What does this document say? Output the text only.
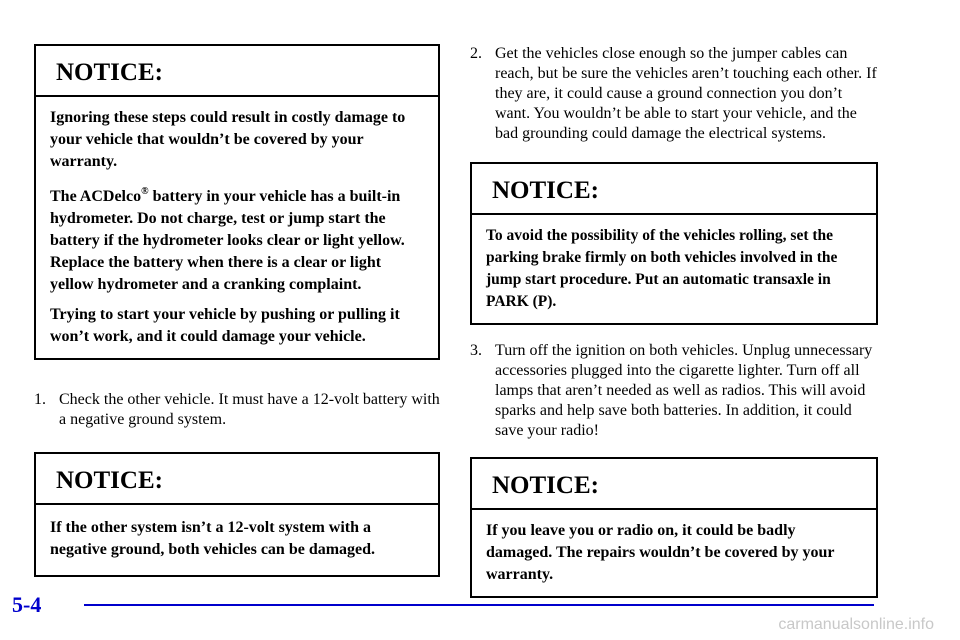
NOTICE:

Ignoring these steps could result in costly damage to your vehicle that wouldn’t be covered by your warranty.

The ACDelco® battery in your vehicle has a built-in hydrometer. Do not charge, test or jump start the battery if the hydrometer looks clear or light yellow. Replace the battery when there is a clear or light yellow hydrometer and a cranking complaint.

Trying to start your vehicle by pushing or pulling it won’t work, and it could damage your vehicle.

1. Check the other vehicle. It must have a 12-volt battery with a negative ground system.

NOTICE:

If the other system isn’t a 12-volt system with a negative ground, both vehicles can be damaged.

2. Get the vehicles close enough so the jumper cables can reach, but be sure the vehicles aren’t touching each other. If they are, it could cause a ground connection you don’t want. You wouldn’t be able to start your vehicle, and the bad grounding could damage the electrical systems.

NOTICE:

To avoid the possibility of the vehicles rolling, set the parking brake firmly on both vehicles involved in the jump start procedure. Put an automatic transaxle in PARK (P).

3. Turn off the ignition on both vehicles. Unplug unnecessary accessories plugged into the cigarette lighter. Turn off all lamps that aren’t needed as well as radios. This will avoid sparks and help save both batteries. In addition, it could save your radio!

NOTICE:

If you leave you or radio on, it could be badly damaged. The repairs wouldn’t be covered by your warranty.

5-4
carmanualsonline.info
